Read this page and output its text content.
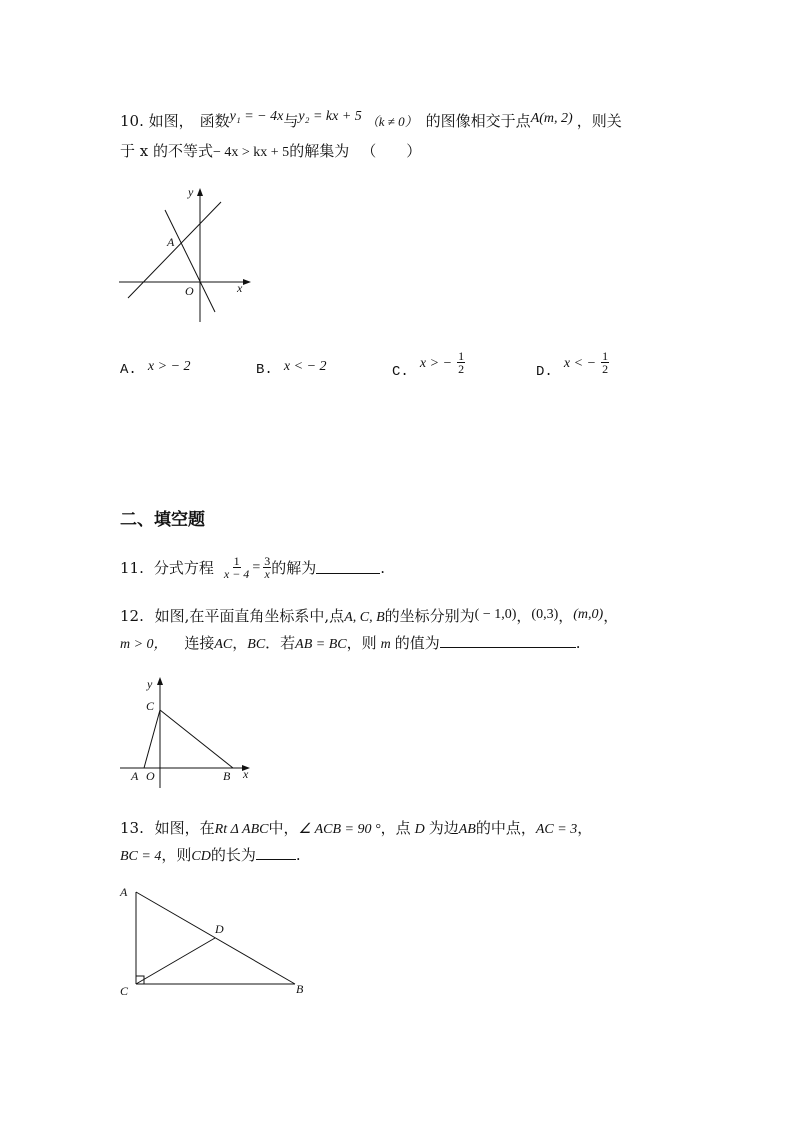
10. 如图， 函数y₁ = − 4x与y₂ = kx + 5 （k ≠ 0） 的图像相交于点A(m, 2) ，则关
于 x 的不等式− 4x > kx + 5的解集为 （　　）
y
x
A
O
A. x > − 2	B. x < − 2	C. x > − $\frac{1}{2}$	D. x < − $\frac{1}{2}$
二、填空题
11. 分式方程 $\frac{1}{x - 4} = \frac{3}{x}$ 的解为	.
12. 如图,在平面直角坐标系中,点A, C, B的坐标分别为( − 1,0)，(0,3)，(m,0)，
m > 0， 连接AC，BC．若AB = BC，则 m 的值为	.
y
C
A O	B x
13. 如图，在Rt Δ ABC中，∠ ACB = 90 °，点 D 为边AB的中点，AC = 3，
BC = 4，则CD的长为	.
A
D
C	B
